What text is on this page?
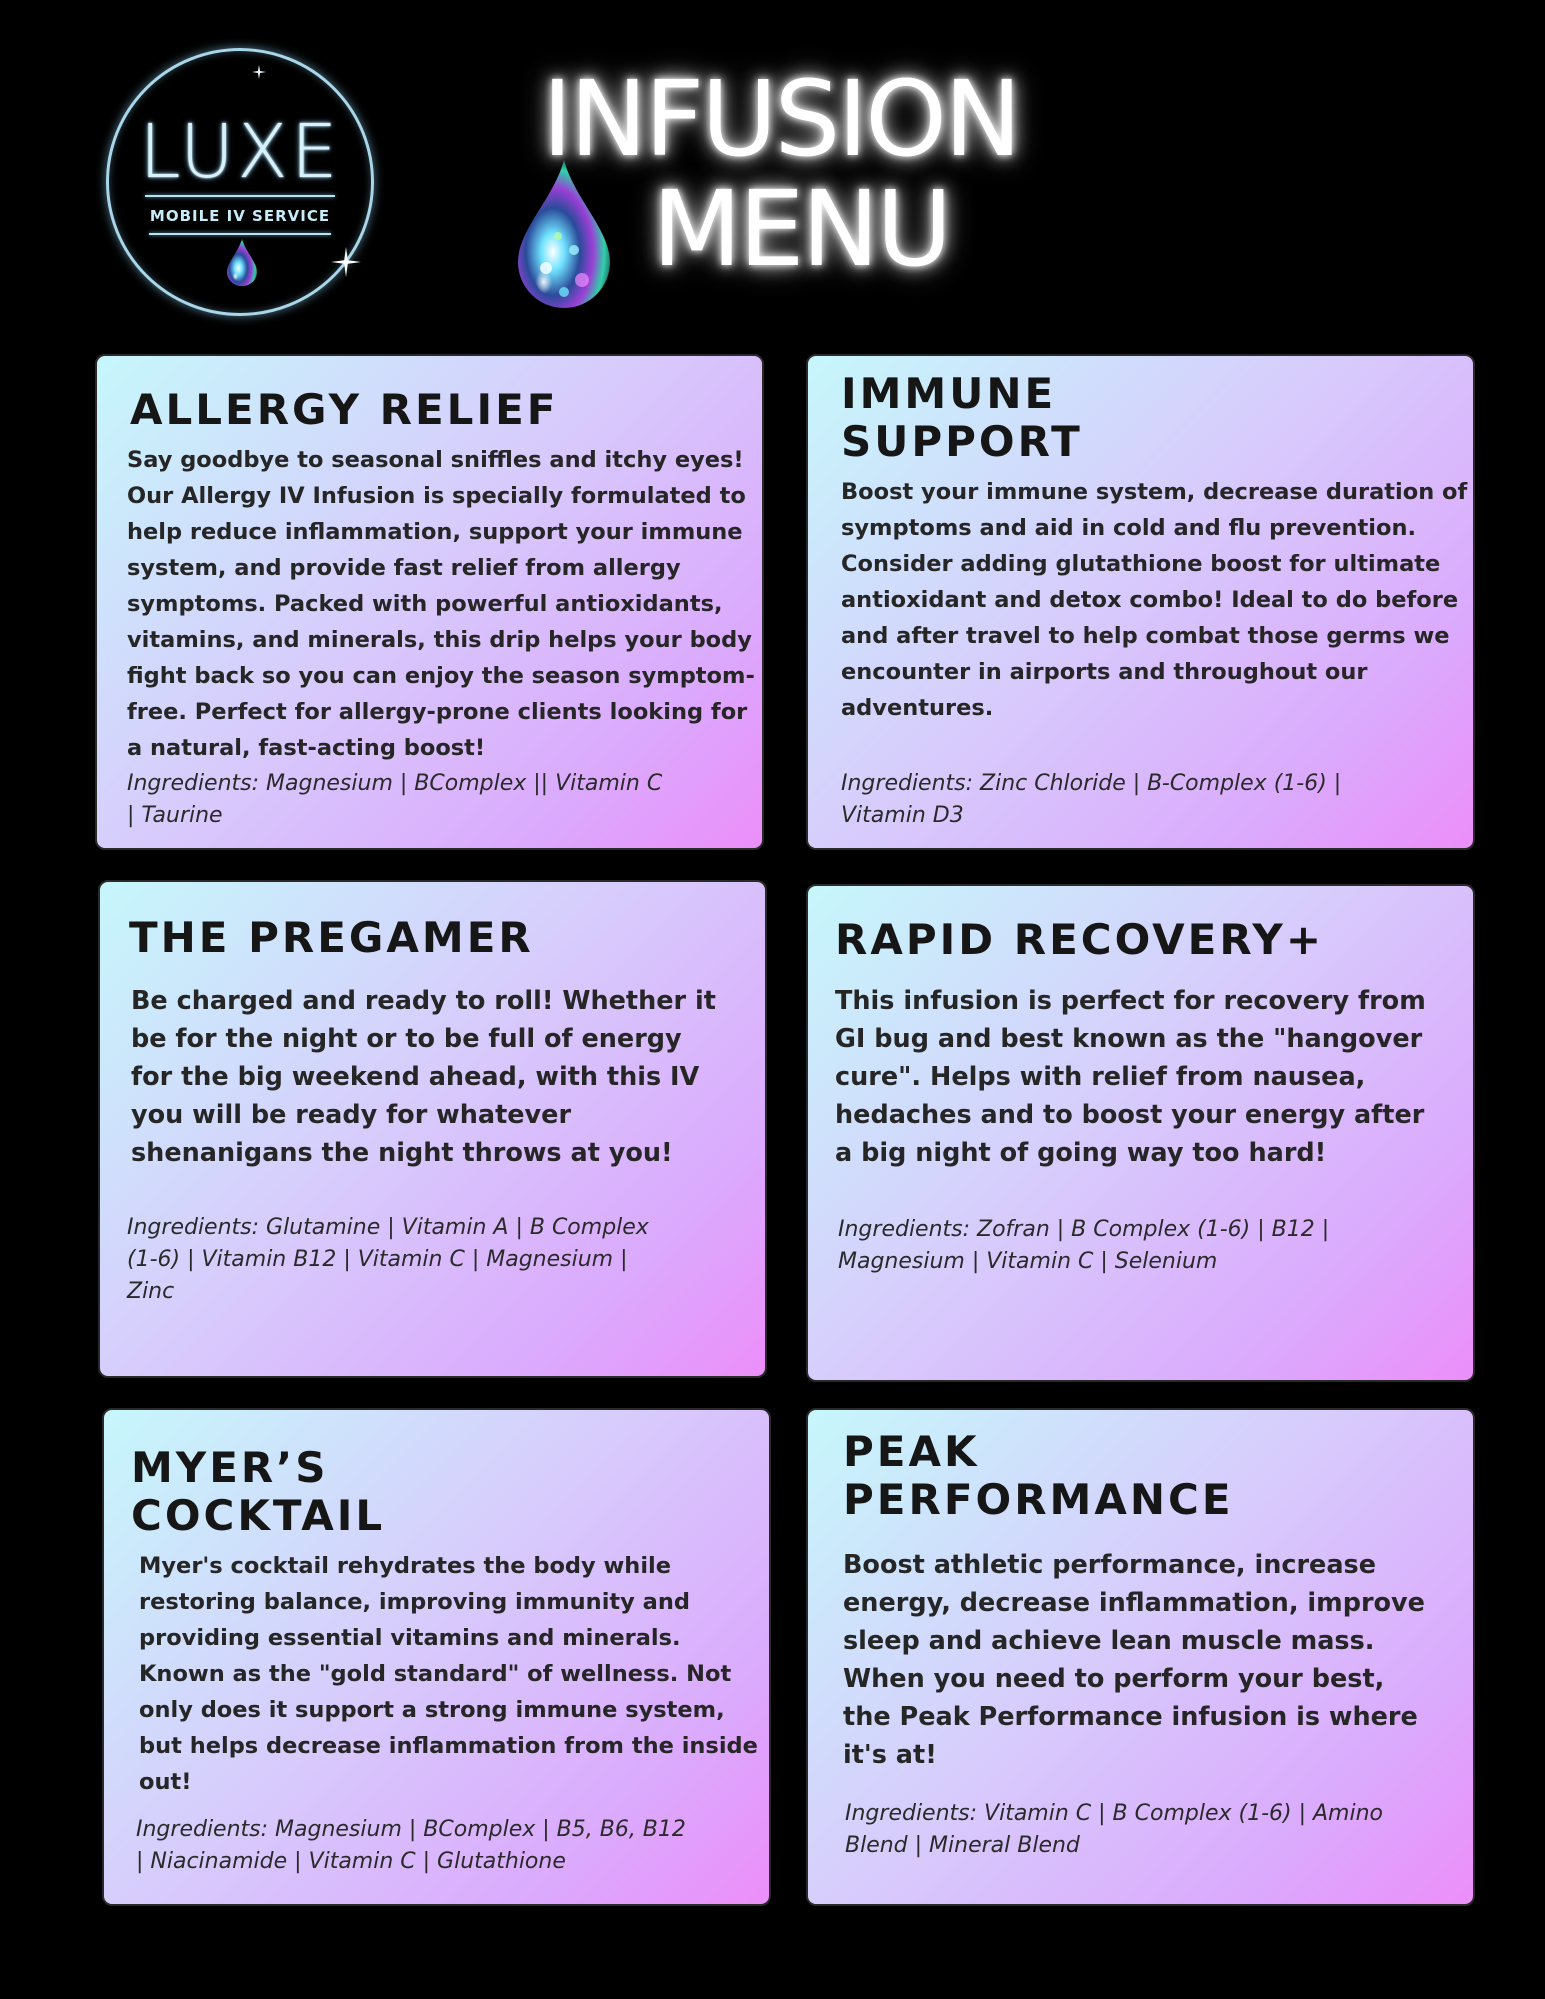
LUXE
MOBILE IV SERVICE
INFUSION
MENU
ALLERGY RELIEF
Say goodbye to seasonal sniffles and itchy eyes!
Our Allergy IV Infusion is specially formulated to
help reduce inflammation, support your immune
system, and provide fast relief from allergy
symptoms. Packed with powerful antioxidants,
vitamins, and minerals, this drip helps your body
fight back so you can enjoy the season symptom-
free. Perfect for allergy-prone clients looking for
a natural, fast-acting boost!
Ingredients: Magnesium | BComplex || Vitamin C
| Taurine
IMMUNE
SUPPORT
Boost your immune system, decrease duration of
symptoms and aid in cold and flu prevention.
Consider adding glutathione boost for ultimate
antioxidant and detox combo! Ideal to do before
and after travel to help combat those germs we
encounter in airports and throughout our
adventures.
Ingredients: Zinc Chloride | B-Complex (1-6) |
Vitamin D3
THE PREGAMER
Be charged and ready to roll! Whether it
be for the night or to be full of energy
for the big weekend ahead, with this IV
you will be ready for whatever
shenanigans the night throws at you!
Ingredients: Glutamine | Vitamin A | B Complex
(1-6) | Vitamin B12 | Vitamin C | Magnesium |
Zinc
RAPID RECOVERY+
This infusion is perfect for recovery from
GI bug and best known as the "hangover
cure". Helps with relief from nausea,
hedaches and to boost your energy after
a big night of going way too hard!
Ingredients: Zofran | B Complex (1-6) | B12 |
Magnesium | Vitamin C | Selenium
MYER’S
COCKTAIL
Myer's cocktail rehydrates the body while
restoring balance, improving immunity and
providing essential vitamins and minerals.
Known as the "gold standard" of wellness. Not
only does it support a strong immune system,
but helps decrease inflammation from the inside
out!
Ingredients: Magnesium | BComplex | B5, B6, B12
| Niacinamide | Vitamin C | Glutathione
PEAK
PERFORMANCE
Boost athletic performance, increase
energy, decrease inflammation, improve
sleep and achieve lean muscle mass.
When you need to perform your best,
the Peak Performance infusion is where
it's at!
Ingredients: Vitamin C | B Complex (1-6) | Amino
Blend | Mineral Blend
